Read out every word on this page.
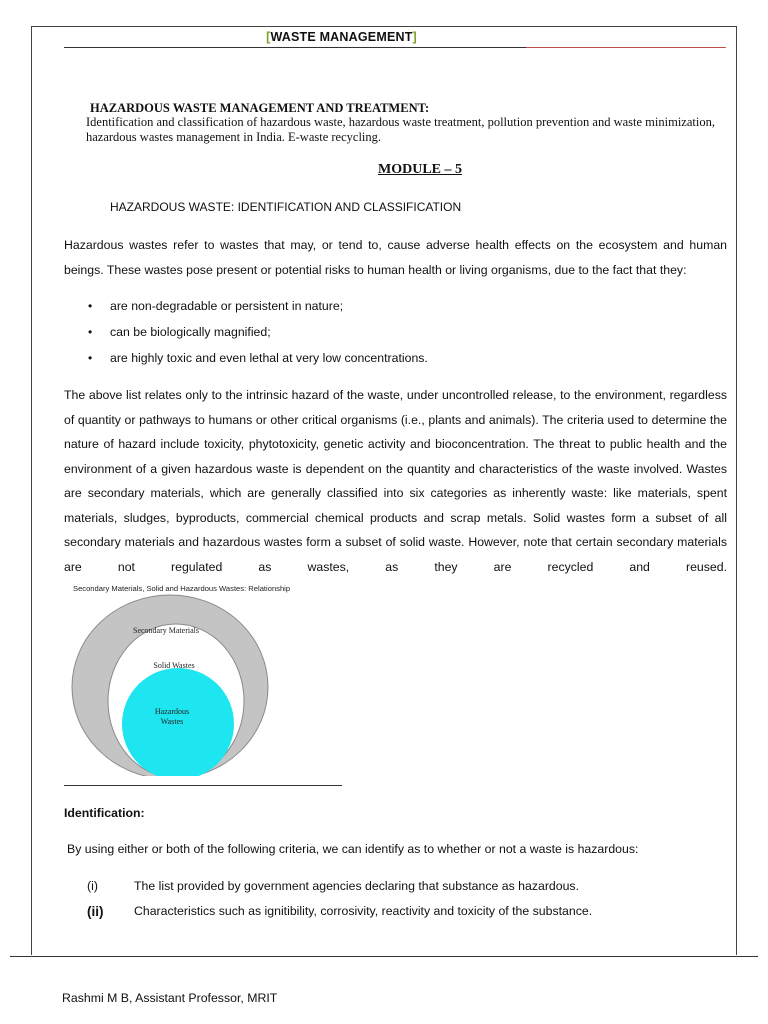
[WASTE MANAGEMENT]
HAZARDOUS WASTE MANAGEMENT AND TREATMENT:
Identification and classification of hazardous waste, hazardous waste treatment, pollution prevention and waste minimization, hazardous wastes management in India. E-waste recycling.
MODULE – 5
HAZARDOUS WASTE: IDENTIFICATION AND CLASSIFICATION
Hazardous wastes refer to wastes that may, or tend to, cause adverse health effects on the ecosystem and human beings. These wastes pose present or potential risks to human health or living organisms, due to the fact that they:
• are non-degradable or persistent in nature;
• can be biologically magnified;
• are highly toxic and even lethal at very low concentrations.
The above list relates only to the intrinsic hazard of the waste, under uncontrolled release, to the environment, regardless of quantity or pathways to humans or other critical organisms (i.e., plants and animals). The criteria used to determine the nature of hazard include toxicity, phytotoxicity, genetic activity and bioconcentration. The threat to public health and the environment of a given hazardous waste is dependent on the quantity and characteristics of the waste involved. Wastes are secondary materials, which are generally classified into six categories as inherently waste: like materials, spent materials, sludges, byproducts, commercial chemical products and scrap metals. Solid wastes form a subset of all secondary materials and hazardous wastes form a subset of solid waste. However, note that certain secondary materials are not regulated as wastes, as they are recycled and reused.
Secondary Materials, Solid and Hazardous Wastes: Relationship
Secondary Materials
Solid Wastes
Hazardous
Wastes
Identification:
By using either or both of the following criteria, we can identify as to whether or not a waste is hazardous:
(i)	The list provided by government agencies declaring that substance as hazardous.
(ii) Characteristics such as ignitibility, corrosivity, reactivity and toxicity of the substance.
Rashmi M B, Assistant Professor, MRIT
